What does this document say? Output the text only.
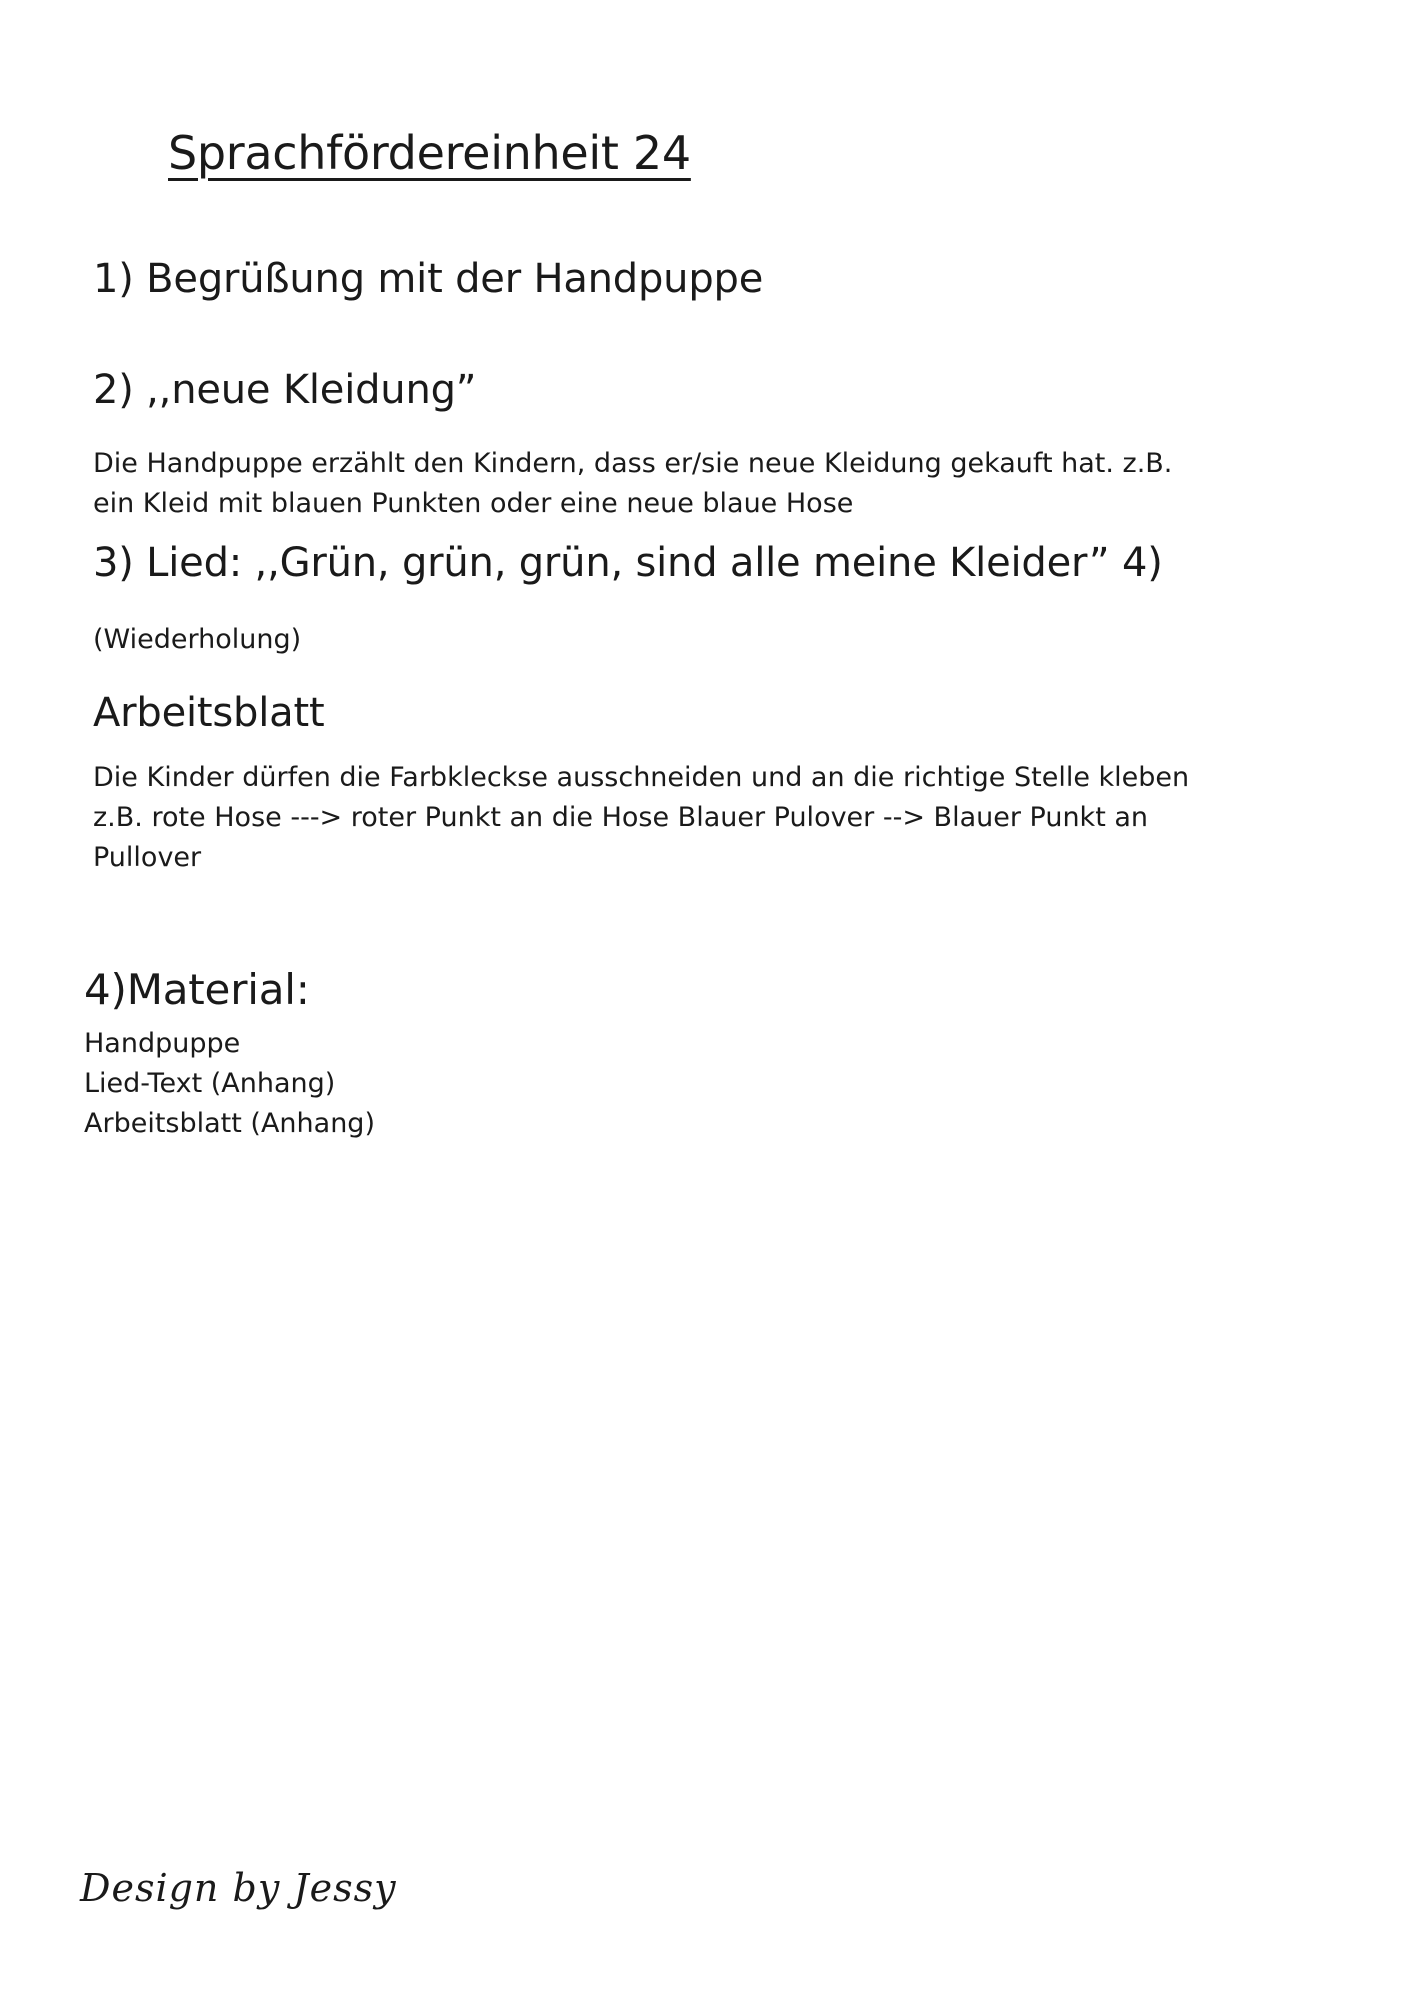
Sprachfördereinheit 24
1) Begrüßung mit der Handpuppe
2) ,,neue Kleidung”
Die Handpuppe erzählt den Kindern, dass er/sie neue Kleidung gekauft hat. z.B.
ein Kleid mit blauen Punkten oder eine neue blaue Hose
3) Lied: ,,Grün, grün, grün, sind alle meine Kleider” 4)
(Wiederholung)
Arbeitsblatt
Die Kinder dürfen die Farbkleckse ausschneiden und an die richtige Stelle kleben
z.B. rote Hose ---> roter Punkt an die Hose Blauer Pulover --> Blauer Punkt an
Pullover
4)Material:
Handpuppe
Lied-Text (Anhang)
Arbeitsblatt (Anhang)
Design by Jessy
